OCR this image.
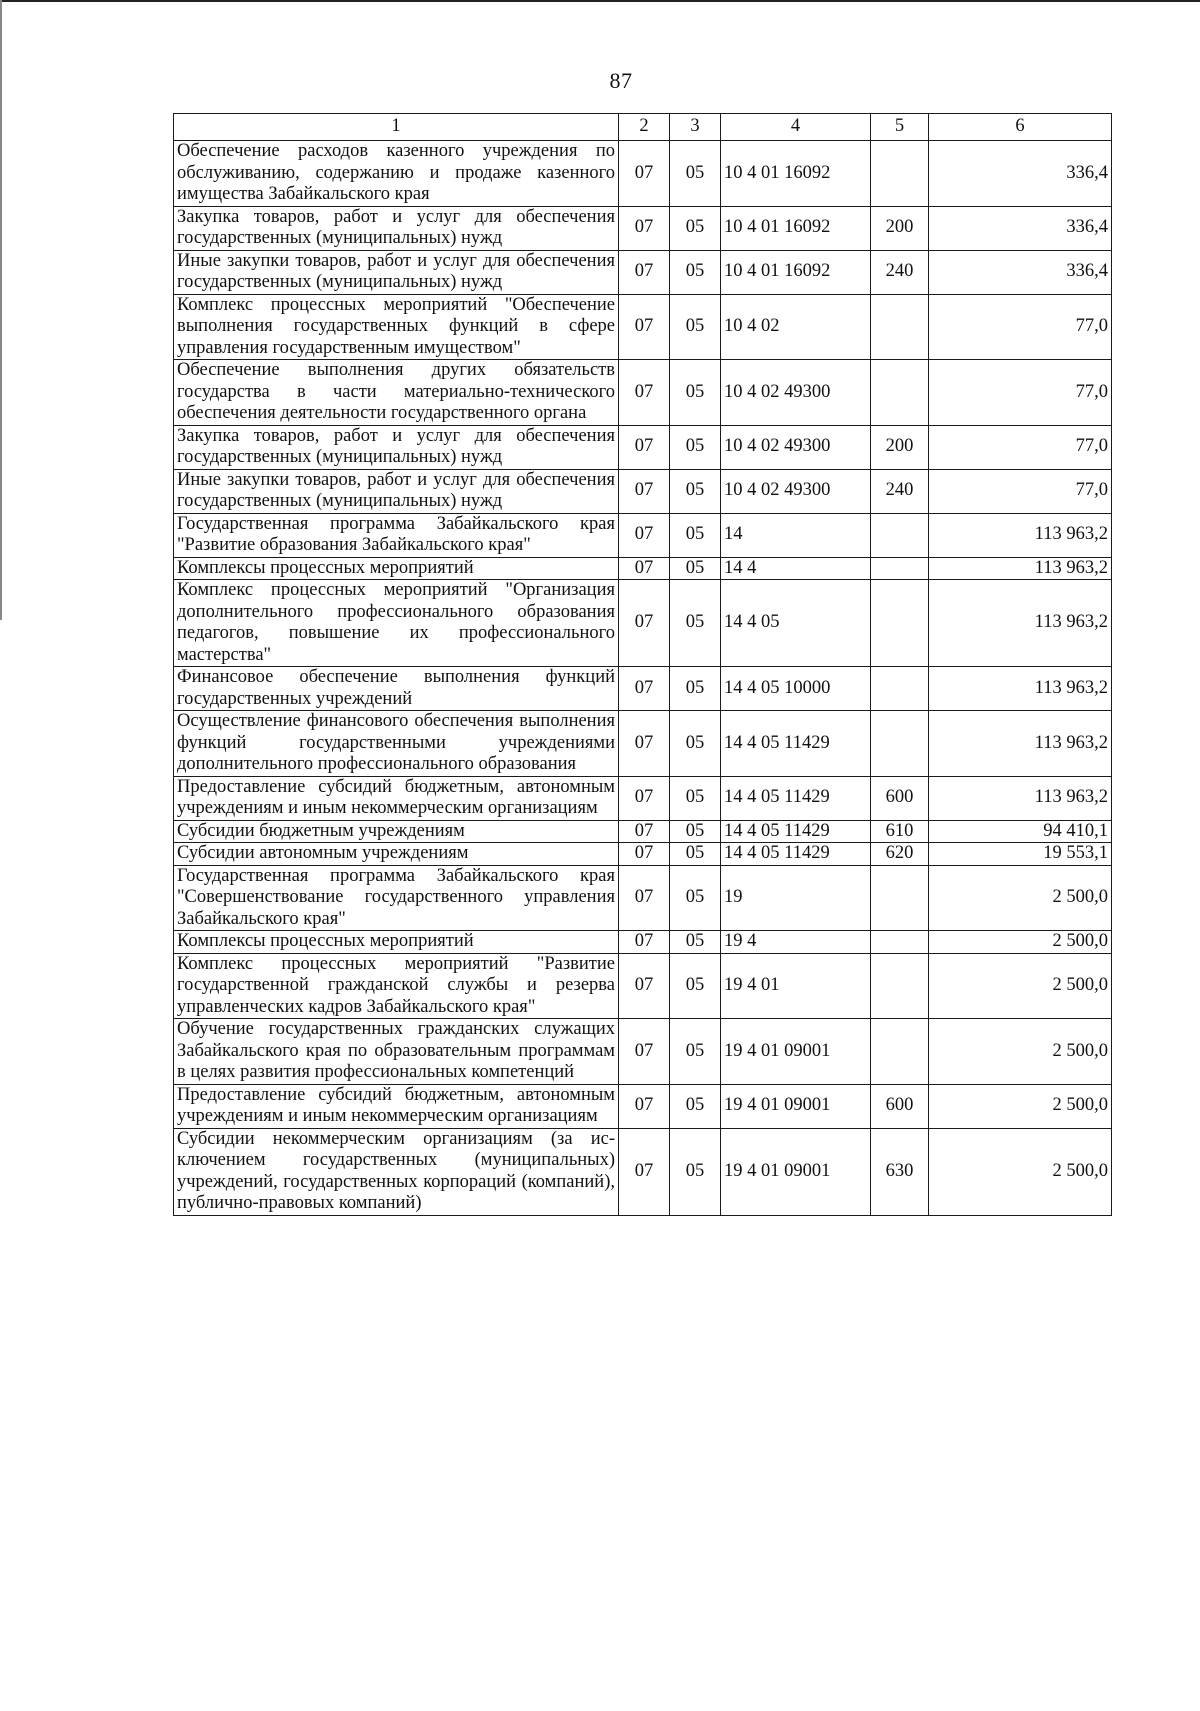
87
1	2	3	4	5	6
Обеспечение расходов казенного учреждения по обслуживанию, содержанию и продаже казенного имущества Забайкальского края	07	05	10 4 01 16092		336,4
Закупка товаров, работ и услуг для обеспечения государственных (муниципальных) нужд	07	05	10 4 01 16092	200	336,4
Иные закупки товаров, работ и услуг для обеспечения государственных (муниципальных) нужд	07	05	10 4 01 16092	240	336,4
Комплекс процессных мероприятий "Обеспечение выполнения государственных функций в сфере управления государственным имуществом"	07	05	10 4 02		77,0
Обеспечение выполнения других обязательств государства в части материально-технического обеспечения деятельности государственного органа	07	05	10 4 02 49300		77,0
Закупка товаров, работ и услуг для обеспечения государственных (муниципальных) нужд	07	05	10 4 02 49300	200	77,0
Иные закупки товаров, работ и услуг для обеспечения государственных (муниципальных) нужд	07	05	10 4 02 49300	240	77,0
Государственная программа Забайкальского края "Развитие образования Забайкальского края"	07	05	14		113 963,2
Комплексы процессных мероприятий	07	05	14 4		113 963,2
Комплекс процессных мероприятий "Организация дополнительного профессионального образования педагогов, повышение их профессионального мастерства"	07	05	14 4 05		113 963,2
Финансовое обеспечение выполнения функций государственных учреждений	07	05	14 4 05 10000		113 963,2
Осуществление финансового обеспечения выполнения функций государственными учреждениями дополнительного профессионального образования	07	05	14 4 05 11429		113 963,2
Предоставление субсидий бюджетным, автономным учреждениям и иным некоммерческим организациям	07	05	14 4 05 11429	600	113 963,2
Субсидии бюджетным учреждениям	07	05	14 4 05 11429	610	94 410,1
Субсидии автономным учреждениям	07	05	14 4 05 11429	620	19 553,1
Государственная программа Забайкальского края "Совершенствование государственного управления Забайкальского края"	07	05	19		2 500,0
Комплексы процессных мероприятий	07	05	19 4		2 500,0
Комплекс процессных мероприятий "Развитие государственной гражданской службы и резерва управленческих кадров Забайкальского края"	07	05	19 4 01		2 500,0
Обучение государственных гражданских служащих Забайкальского края по образовательным программам в целях развития профессиональных компетенций	07	05	19 4 01 09001		2 500,0
Предоставление субсидий бюджетным, автономным учреждениям и иным некоммерческим организациям	07	05	19 4 01 09001	600	2 500,0
Субсидии некоммерческим организациям (за исключением государственных (муниципальных) учреждений, государственных корпораций (компаний), публично-правовых компаний)	07	05	19 4 01 09001	630	2 500,0
